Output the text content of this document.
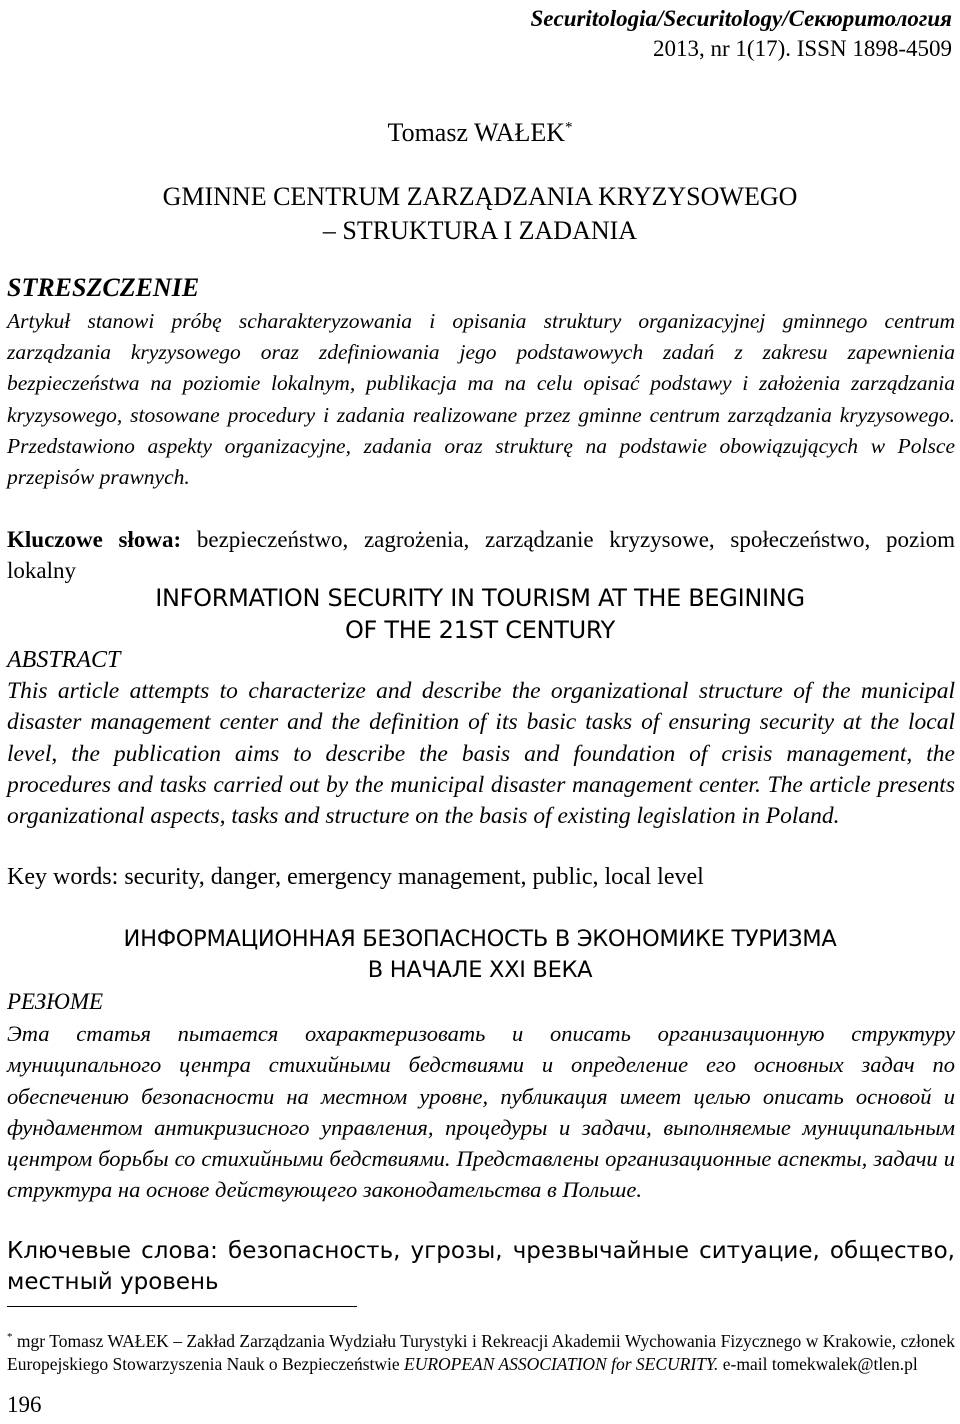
Securitologia/Securitology/Секюритология
2013, nr 1(17). ISSN 1898-4509
Tomasz WAŁEK*
GMINNE CENTRUM ZARZĄDZANIA KRYZYSOWEGO
– STRUKTURA I ZADANIA
STRESZCZENIE
Artykuł stanowi próbę scharakteryzowania i opisania struktury organizacyjnej gminnego centrum zarządzania kryzysowego oraz zdefiniowania jego podstawowych zadań z zakresu zapewnienia bezpieczeństwa na poziomie lokalnym, publikacja ma na celu opisać podstawy i założenia zarządzania kryzysowego, stosowane procedury i zadania realizowane przez gminne centrum zarządzania kryzysowego. Przedstawiono aspekty organizacyjne, zadania oraz strukturę na podstawie obowiązujących w Polsce przepisów prawnych.
Kluczowe słowa: bezpieczeństwo, zagrożenia, zarządzanie kryzysowe, społeczeństwo, poziom lokalny
INFORMATION SECURITY IN TOURISM AT THE BEGINING
OF THE 21ST CENTURY
ABSTRACT
This article attempts to characterize and describe the organizational structure of the municipal disaster management center and the definition of its basic tasks of ensuring security at the local level, the publication aims to describe the basis and foundation of crisis management, the procedures and tasks carried out by the municipal disaster management center. The article presents organizational aspects, tasks and structure on the basis of existing legislation in Poland.
Key words: security, danger, emergency management, public, local level
ИНФОРМАЦИОННАЯ БЕЗОПАСНОСТЬ В ЭКОНОМИКЕ ТУРИЗМА
В НАЧАЛЕ XXI ВЕКА
РЕЗЮМЕ
Эта статья пытается охарактеризовать и описать организационную структуру муниципального центра стихийными бедствиями и определение его основных задач по обеспечению безопасности на местном уровне, публикация имеет целью описать основой и фундаментом антикризисного управления, процедуры и задачи, выполняемые муниципальным центром борьбы со стихийными бедствиями. Представлены организационные аспекты, задачи и структура на основе действующего законодательства в Польше.
Ключевые слова: безопасность, угрозы, чрезвычайные ситуацие, общество, местный уровень
* mgr Tomasz WAŁEK – Zakład Zarządzania Wydziału Turystyki i Rekreacji Akademii Wychowania Fizycznego w Krakowie, członek Europejskiego Stowarzyszenia Nauk o Bezpieczeństwie EUROPEAN ASSOCIATION for SECURITY. e-mail tomekwalek@tlen.pl
196
